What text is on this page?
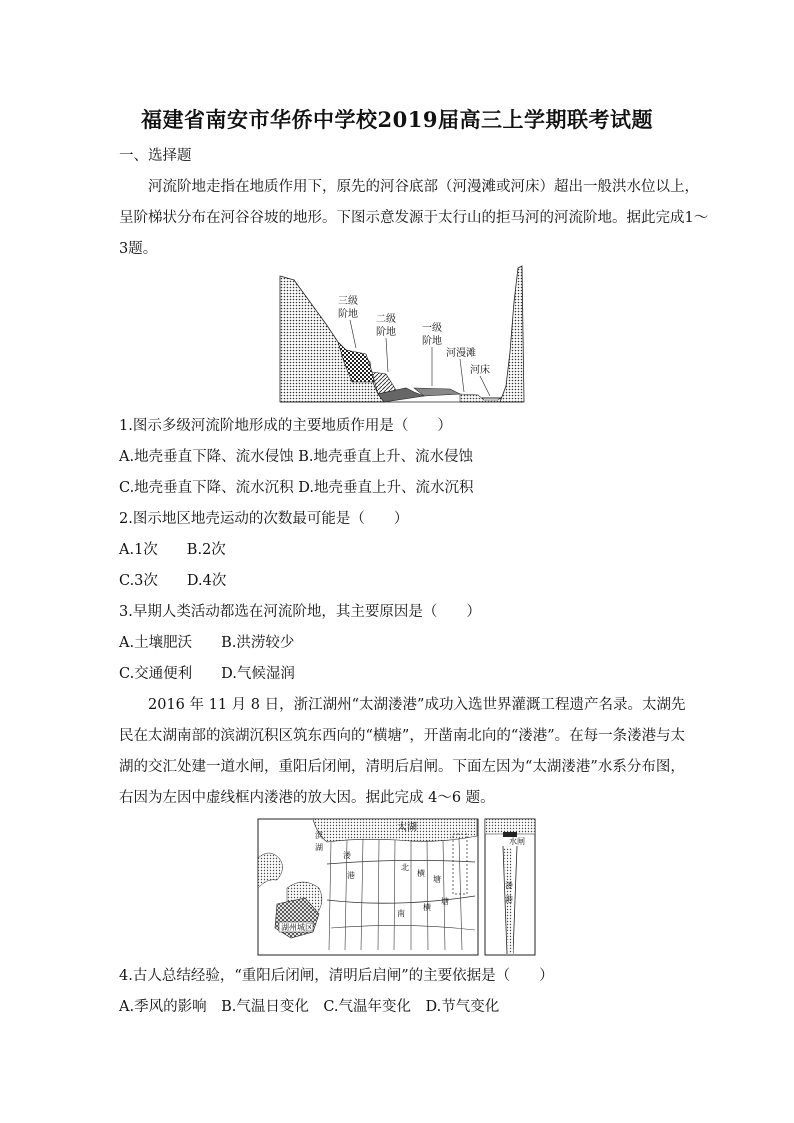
福建省南安市华侨中学校2019届高三上学期联考试题
一、选择题
河流阶地走指在地质作用下，原先的河谷底部（河漫滩或河床）超出一般洪水位以上，
呈阶梯状分布在河谷谷坡的地形。下图示意发源于太行山的拒马河的河流阶地。据此完成1～
3题。
三级
阶地 二级
阶地	一级
阶地
河漫滩
河床
1.图示多级河流阶地形成的主要地质作用是（　　）
A.地壳垂直下降、流水侵蚀 B.地壳垂直上升、流水侵蚀
C.地壳垂直下降、流水沉积 D.地壳垂直上升、流水沉积
2.图示地区地壳运动的次数最可能是（　　）
A.1次　　B.2次
C.3次　　D.4次
3.早期人类活动都选在河流阶地，其主要原因是（　　）
A.土壤肥沃　　B.洪涝较少
C.交通便利　　D.气候湿润
2016 年 11 月 8 日，浙江湖州“太湖溇港”成功入选世界灌溉工程遗产名录。太湖先
民在太湖南部的滨湖沉积区筑东西向的“横塘”，开凿南北向的“溇港”。在每一条溇港与太
湖的交汇处建一道水闸，重阳后闭闸，清明后启闸。下面左因为“太湖溇港”水系分布图，
右因为左因中虚线框内溇港的放大因。据此完成 4～6 题。
太湖
湖州城区
滨
湖
溇
港
北
横
塘
南
横
塘
水闸
溇
港
4.古人总结经验，“重阳后闭闸，清明后启闸”的主要依据是（　　）
A.季风的影响　B.气温日变化　C.气温年变化　D.节气变化
